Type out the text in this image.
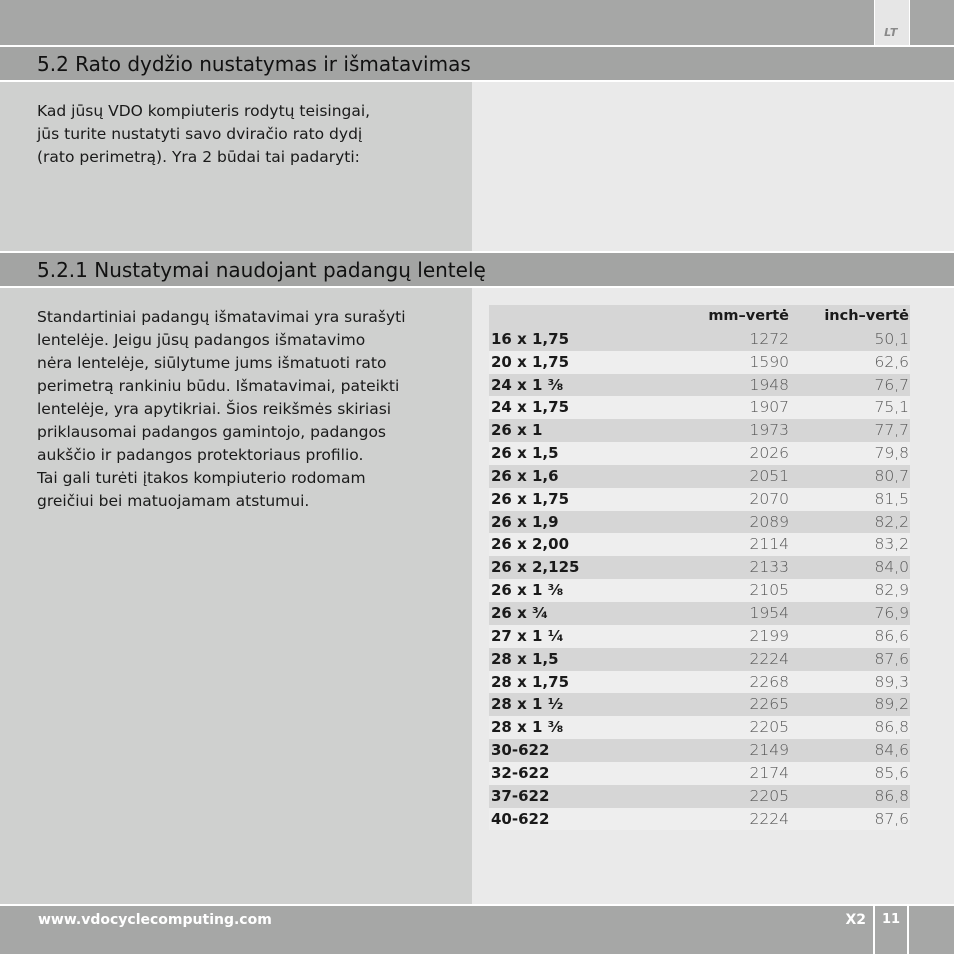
LT
5.2 Rato dydžio nustatymas ir išmatavimas

Kad jūsų VDO kompiuteris rodytų teisingai,

jūs turite nustatyti savo dviračio rato dydį

(rato perimetrą). Yra 2 būdai tai padaryti:

5.2.1 Nustatymai naudojant padangų lentelę

Standartiniai padangų išmatavimai yra surašyti

lentelėje. Jeigu jūsų padangos išmatavimo

nėra lentelėje, siūlytume jums išmatuoti rato

perimetrą rankiniu būdu. Išmatavimai, pateikti

lentelėje, yra apytikriai. Šios reikšmės skiriasi

priklausomai padangos gamintojo, padangos

aukščio ir padangos protektoriaus profilio.

Tai gali turėti įtakos kompiuterio rodomam

greičiui bei matuojamam atstumui.

	mm–vertė	inch–vertė
16 x 1,75	1272	50,1
20 x 1,75	1590	62,6
24 x 1 ³⁄₈	1948	76,7
24 x 1,75	1907	75,1
26 x 1	1973	77,7
26 x 1,5	2026	79,8
26 x 1,6	2051	80,7
26 x 1,75	2070	81,5
26 x 1,9	2089	82,2
26 x 2,00	2114	83,2
26 x 2,125	2133	84,0
26 x 1 ³⁄₈	2105	82,9
26 x ³⁄₄	1954	76,9
27 x 1 ¹⁄₄	2199	86,6
28 x 1,5	2224	87,6
28 x 1,75	2268	89,3
28 x 1 ¹⁄₂	2265	89,2
28 x 1 ³⁄₈	2205	86,8
30-622	2149	84,6
32-622	2174	85,6
37-622	2205	86,8
40-622	2224	87,6
www.vdocyclecomputing.com	X2	11
